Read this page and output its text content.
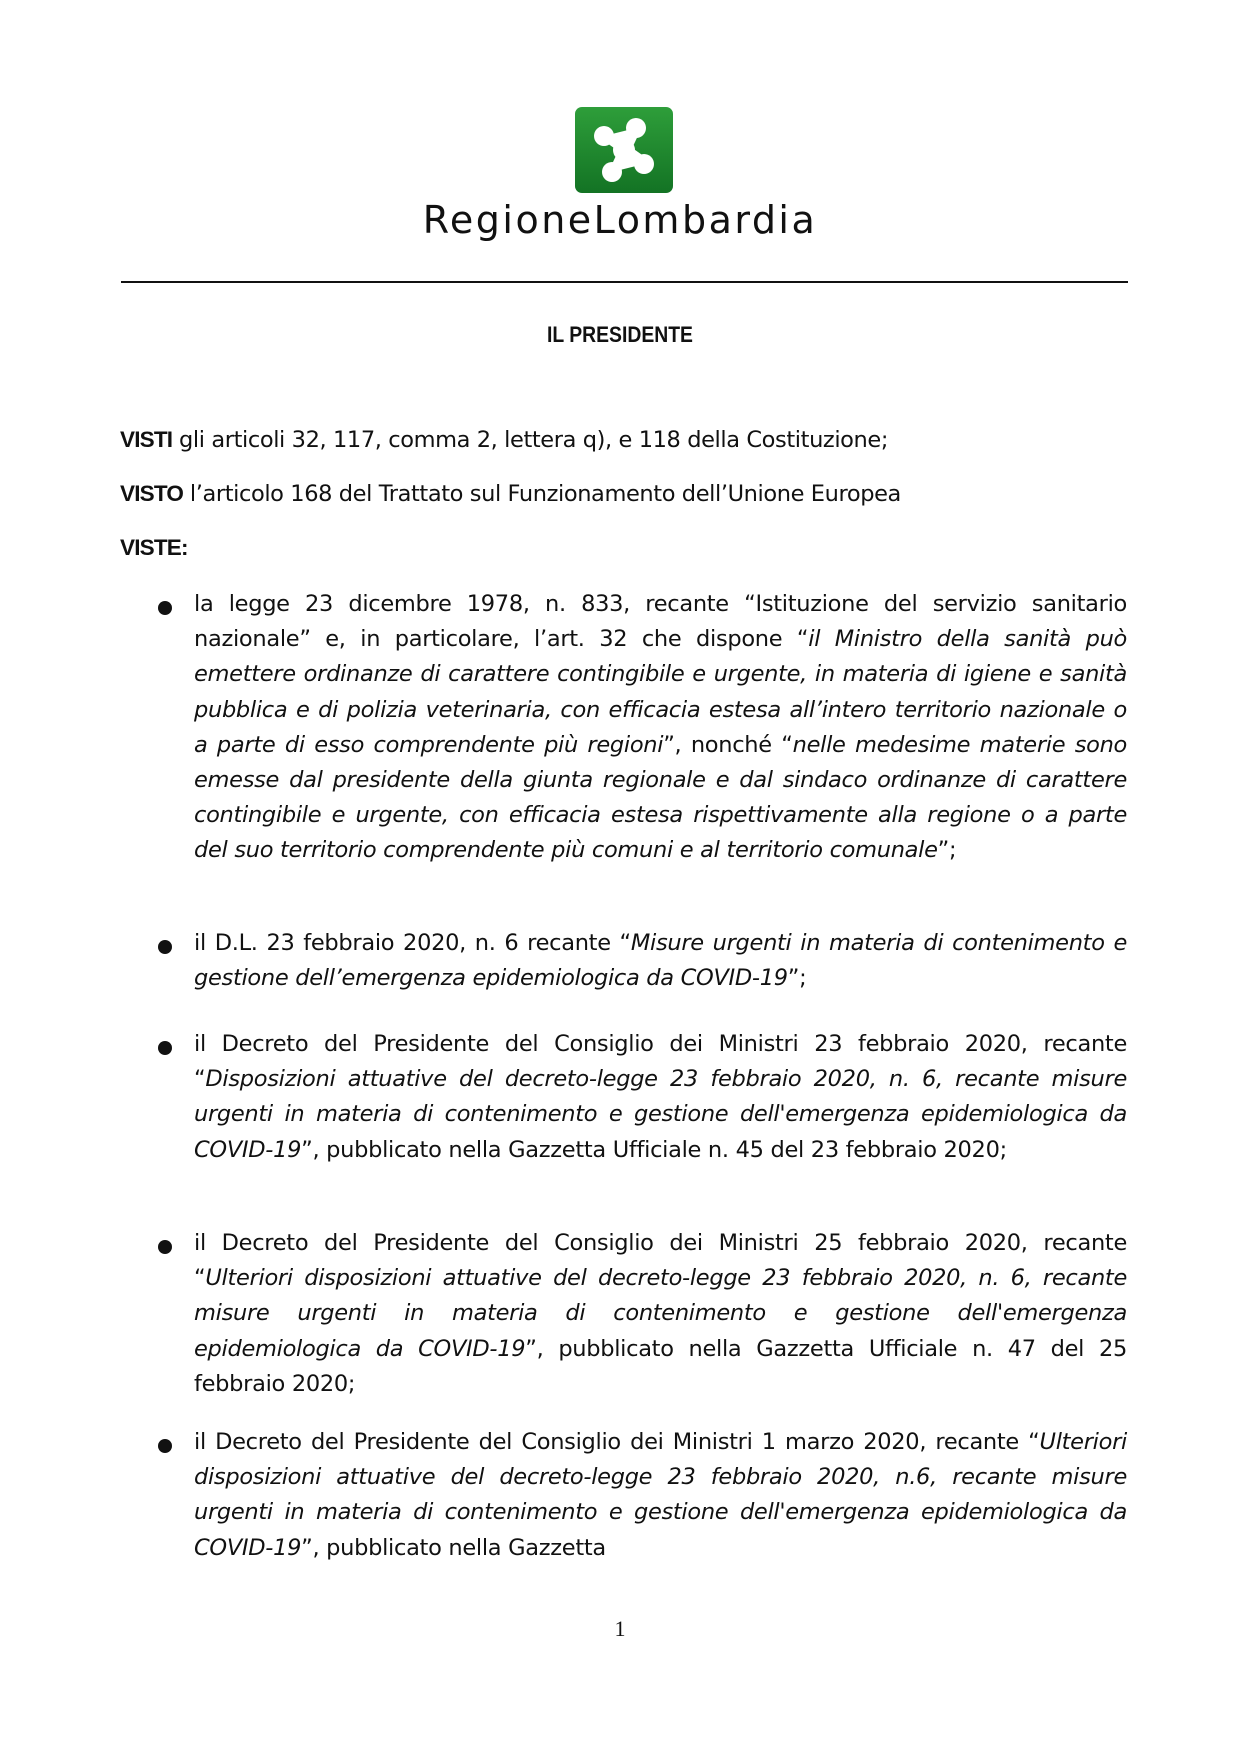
RegioneLombardia
IL PRESIDENTE
VISTI gli articoli 32, 117, comma 2, lettera q), e 118 della Costituzione;
VISTO l’articolo 168 del Trattato sul Funzionamento dell’Unione Europea
VISTE:
la legge 23 dicembre 1978, n. 833, recante “Istituzione del servizio sanitario nazionale” e, in particolare, l’art. 32 che dispone “il Ministro della sanità può emettere ordinanze di carattere contingibile e urgente, in materia di igiene e sanità pubblica e di polizia veterinaria, con efficacia estesa all’intero territorio nazionale o a parte di esso comprendente più regioni”, nonché “nelle medesime materie sono emesse dal presidente della giunta regionale e dal sindaco ordinanze di carattere contingibile e urgente, con efficacia estesa rispettivamente alla regione o a parte del suo territorio comprendente più comuni e al territorio comunale”;
il D.L. 23 febbraio 2020, n. 6 recante “Misure urgenti in materia di contenimento e gestione dell’emergenza epidemiologica da COVID-19”;
il Decreto del Presidente del Consiglio dei Ministri 23 febbraio 2020, recante “Disposizioni attuative del decreto-legge 23 febbraio 2020, n. 6, recante misure urgenti in materia di contenimento e gestione dell'emergenza epidemiologica da COVID-19”, pubblicato nella Gazzetta Ufficiale n. 45 del 23 febbraio 2020;
il Decreto del Presidente del Consiglio dei Ministri 25 febbraio 2020, recante “Ulteriori disposizioni attuative del decreto-legge 23 febbraio 2020, n. 6, recante misure urgenti in materia di contenimento e gestione dell'emergenza epidemiologica da COVID-19”, pubblicato nella Gazzetta Ufficiale n. 47 del 25 febbraio 2020;
il Decreto del Presidente del Consiglio dei Ministri 1 marzo 2020, recante “Ulteriori disposizioni attuative del decreto-legge 23 febbraio 2020, n.6, recante misure urgenti in materia di contenimento e gestione dell'emergenza epidemiologica da COVID-19”, pubblicato nella Gazzetta
1
